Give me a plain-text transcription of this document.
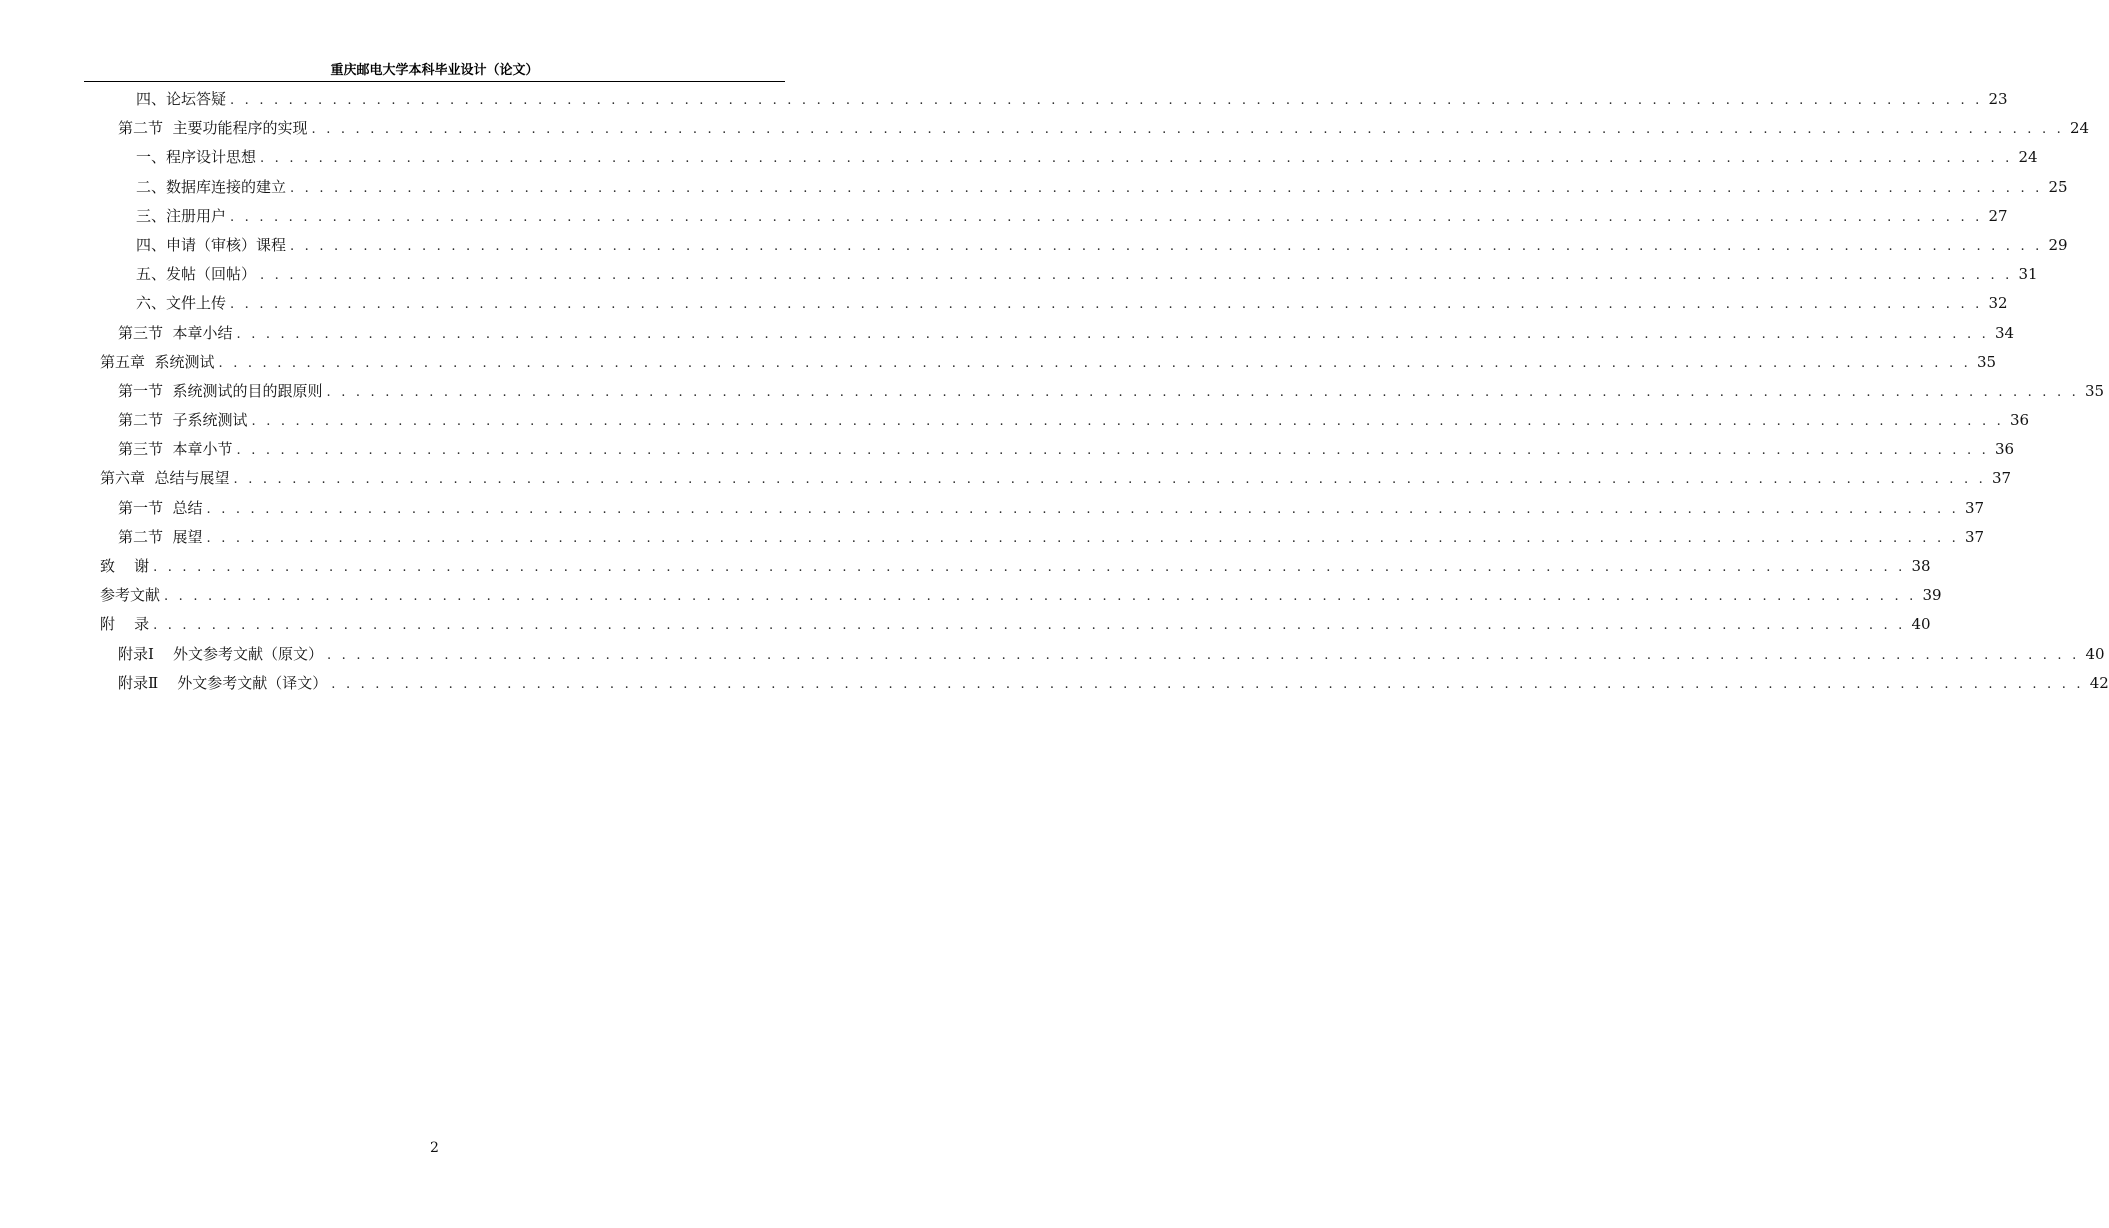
重庆邮电大学本科毕业设计（论文）
四、论坛答疑 . . . . . . . . . . . . . . . . . . . . . . . . . . . . . . . . . . . . . . . . . . . . . . . . . . . . . . . . . . . . . . . . . . . . . . . . . . . . . . . . . . . . . . . . . . . . . . . . . . . . . . . . . . . . . . . . . . . . . . . . 23
第二节  主要功能程序的实现 . . . . . . . . . . . . . . . . . . . . . . . . . . . . . . . . . . . . . . . . . . . . . . . . . . . . . . . . . . . . . . . . . . . . . . . . . . . . . . . . . . . . . . . . . . . . . . . . . . . . . . . . . . . . . . . . . . . . . . . . 24
一、程序设计思想 . . . . . . . . . . . . . . . . . . . . . . . . . . . . . . . . . . . . . . . . . . . . . . . . . . . . . . . . . . . . . . . . . . . . . . . . . . . . . . . . . . . . . . . . . . . . . . . . . . . . . . . . . . . . . . . . . . . . . . . . 24
二、数据库连接的建立 . . . . . . . . . . . . . . . . . . . . . . . . . . . . . . . . . . . . . . . . . . . . . . . . . . . . . . . . . . . . . . . . . . . . . . . . . . . . . . . . . . . . . . . . . . . . . . . . . . . . . . . . . . . . . . . . . . . . . . . . 25
三、注册用户 . . . . . . . . . . . . . . . . . . . . . . . . . . . . . . . . . . . . . . . . . . . . . . . . . . . . . . . . . . . . . . . . . . . . . . . . . . . . . . . . . . . . . . . . . . . . . . . . . . . . . . . . . . . . . . . . . . . . . . . . 27
四、申请（审核）课程 . . . . . . . . . . . . . . . . . . . . . . . . . . . . . . . . . . . . . . . . . . . . . . . . . . . . . . . . . . . . . . . . . . . . . . . . . . . . . . . . . . . . . . . . . . . . . . . . . . . . . . . . . . . . . . . . . . . . . . . . 29
五、发帖（回帖） . . . . . . . . . . . . . . . . . . . . . . . . . . . . . . . . . . . . . . . . . . . . . . . . . . . . . . . . . . . . . . . . . . . . . . . . . . . . . . . . . . . . . . . . . . . . . . . . . . . . . . . . . . . . . . . . . . . . . . . . 31
六、文件上传 . . . . . . . . . . . . . . . . . . . . . . . . . . . . . . . . . . . . . . . . . . . . . . . . . . . . . . . . . . . . . . . . . . . . . . . . . . . . . . . . . . . . . . . . . . . . . . . . . . . . . . . . . . . . . . . . . . . . . . . . 32
第三节  本章小结 . . . . . . . . . . . . . . . . . . . . . . . . . . . . . . . . . . . . . . . . . . . . . . . . . . . . . . . . . . . . . . . . . . . . . . . . . . . . . . . . . . . . . . . . . . . . . . . . . . . . . . . . . . . . . . . . . . . . . . . . 34
第五章  系统测试 . . . . . . . . . . . . . . . . . . . . . . . . . . . . . . . . . . . . . . . . . . . . . . . . . . . . . . . . . . . . . . . . . . . . . . . . . . . . . . . . . . . . . . . . . . . . . . . . . . . . . . . . . . . . . . . . . . . . . . . . 35
第一节  系统测试的目的跟原则 . . . . . . . . . . . . . . . . . . . . . . . . . . . . . . . . . . . . . . . . . . . . . . . . . . . . . . . . . . . . . . . . . . . . . . . . . . . . . . . . . . . . . . . . . . . . . . . . . . . . . . . . . . . . . . . . . . . . . . . . 35
第二节  子系统测试 . . . . . . . . . . . . . . . . . . . . . . . . . . . . . . . . . . . . . . . . . . . . . . . . . . . . . . . . . . . . . . . . . . . . . . . . . . . . . . . . . . . . . . . . . . . . . . . . . . . . . . . . . . . . . . . . . . . . . . . . 36
第三节  本章小节 . . . . . . . . . . . . . . . . . . . . . . . . . . . . . . . . . . . . . . . . . . . . . . . . . . . . . . . . . . . . . . . . . . . . . . . . . . . . . . . . . . . . . . . . . . . . . . . . . . . . . . . . . . . . . . . . . . . . . . . . 36
第六章  总结与展望 . . . . . . . . . . . . . . . . . . . . . . . . . . . . . . . . . . . . . . . . . . . . . . . . . . . . . . . . . . . . . . . . . . . . . . . . . . . . . . . . . . . . . . . . . . . . . . . . . . . . . . . . . . . . . . . . . . . . . . . . 37
第一节  总结 . . . . . . . . . . . . . . . . . . . . . . . . . . . . . . . . . . . . . . . . . . . . . . . . . . . . . . . . . . . . . . . . . . . . . . . . . . . . . . . . . . . . . . . . . . . . . . . . . . . . . . . . . . . . . . . . . . . . . . . . 37
第二节  展望 . . . . . . . . . . . . . . . . . . . . . . . . . . . . . . . . . . . . . . . . . . . . . . . . . . . . . . . . . . . . . . . . . . . . . . . . . . . . . . . . . . . . . . . . . . . . . . . . . . . . . . . . . . . . . . . . . . . . . . . . 37
致    谢 . . . . . . . . . . . . . . . . . . . . . . . . . . . . . . . . . . . . . . . . . . . . . . . . . . . . . . . . . . . . . . . . . . . . . . . . . . . . . . . . . . . . . . . . . . . . . . . . . . . . . . . . . . . . . . . . . . . . . . . . 38
参考文献 . . . . . . . . . . . . . . . . . . . . . . . . . . . . . . . . . . . . . . . . . . . . . . . . . . . . . . . . . . . . . . . . . . . . . . . . . . . . . . . . . . . . . . . . . . . . . . . . . . . . . . . . . . . . . . . . . . . . . . . . 39
附    录 . . . . . . . . . . . . . . . . . . . . . . . . . . . . . . . . . . . . . . . . . . . . . . . . . . . . . . . . . . . . . . . . . . . . . . . . . . . . . . . . . . . . . . . . . . . . . . . . . . . . . . . . . . . . . . . . . . . . . . . . 40
附录Ⅰ    外文参考文献（原文） . . . . . . . . . . . . . . . . . . . . . . . . . . . . . . . . . . . . . . . . . . . . . . . . . . . . . . . . . . . . . . . . . . . . . . . . . . . . . . . . . . . . . . . . . . . . . . . . . . . . . . . . . . . . . . . . . . . . . . . . 40
附录Ⅱ    外文参考文献（译文） . . . . . . . . . . . . . . . . . . . . . . . . . . . . . . . . . . . . . . . . . . . . . . . . . . . . . . . . . . . . . . . . . . . . . . . . . . . . . . . . . . . . . . . . . . . . . . . . . . . . . . . . . . . . . . . . . . . . . . . . 42
2
